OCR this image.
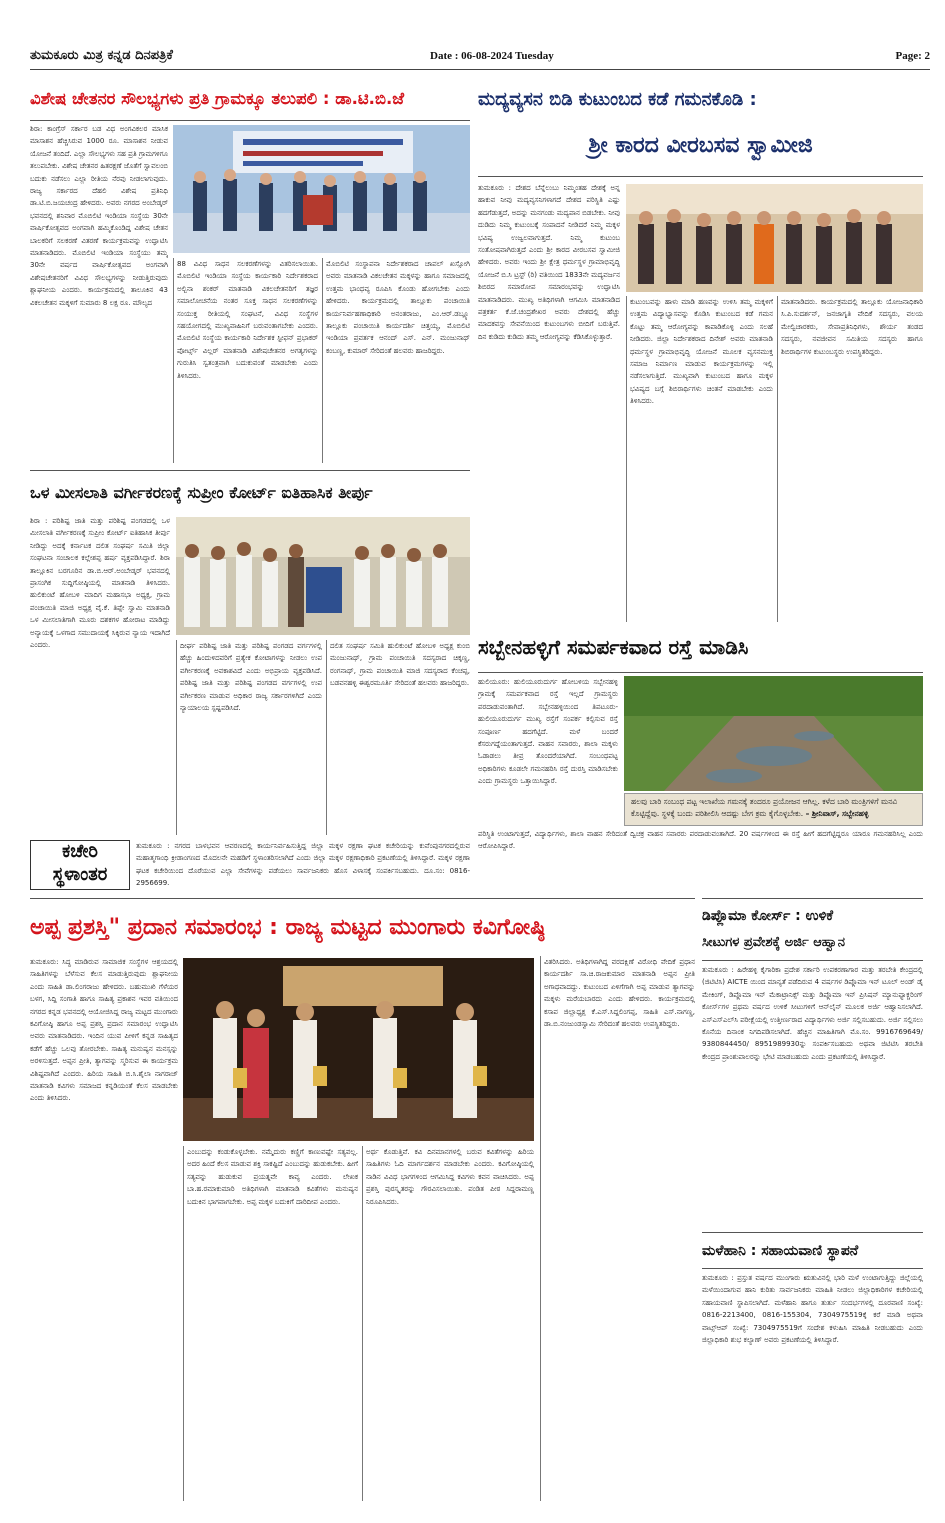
ತುಮಕೂರು ಮಿತ್ರ ಕನ್ನಡ ದಿನಪತ್ರಿಕೆ	Date : 06-08-2024 Tuesday	Page: 2
ವಿಶೇಷ ಚೇತನರ ಸೌಲಭ್ಯಗಳು ಪ್ರತಿ ಗ್ರಾಮಕ್ಕೂ ತಲುಪಲಿ : ಡಾ.ಟಿ.ಬಿ.ಜೆ
ಶಿರಾ: ಕಾಂಗ್ರೆಸ್ ಸರ್ಕಾರ ಬಡ ವಿಧ ಅಂಗವಿಕಲರ ಮಾಸಿಕ ಮಾಸಾಶನ ಹೆಚ್ಚಿಸಿರುವ 1000 ರೂ. ಮಾಸಾಶನ ನೀಡುವ ಯೋಜನೆ ತಂದಿದೆ. ಎಲ್ಲಾ ಸೌಲಭ್ಯಗಳು ಸಹ ಪ್ರತಿ ಗ್ರಾಮಗಳಿಗೂ ತಲುಪಬೇಕು. ವಿಶೇಷ ಚೇತನರ ಹಿತರಕ್ಷಣೆ ಜೊತೆಗೆ ಸ್ವಾವಲಂಬಿ ಬದುಕು ನಡೆಸಲು ಎಲ್ಲಾ ರೀತಿಯ ನೆರವು ನೀಡಲಾಗುವುದು. ರಾಜ್ಯ ಸರ್ಕಾರದ ದೆಹಲಿ ವಿಶೇಷ ಪ್ರತಿನಿಧಿ ಡಾ.ಟಿ.ಬಿ.ಜಯಚಂದ್ರ ಹೇಳಿದರು. ಅವರು ನಗರದ ಅಂಬೇಡ್ಕರ್ ಭವನದಲ್ಲಿ ಶನಿವಾರ ಮೊಬಿಲಿಟಿ ಇಂಡಿಯಾ ಸಂಸ್ಥೆಯ 30ನೇ ವಾರ್ಷಿಕೋತ್ಸವದ ಅಂಗವಾಗಿ ಹಮ್ಮಿಕೊಂಡಿದ್ದ ವಿಶೇಷ ಚೇತನ ಬಾಲಕರಿಗೆ ಸಲಕರಣೆ ವಿತರಣೆ ಕಾರ್ಯಕ್ರಮವನ್ನು ಉದ್ಘಾಟಿಸಿ ಮಾತನಾಡಿದರು. ಮೊಬಿಲಿಟಿ ಇಂಡಿಯಾ ಸಂಸ್ಥೆಯು ತಮ್ಮ 30ನೇ ವರ್ಷದ ವಾರ್ಷಿಕೋತ್ಸವದ ಅಂಗವಾಗಿ ವಿಶೇಷಚೇತನರಿಗೆ ವಿವಿಧ ಸೌಲಭ್ಯಗಳನ್ನು ನೀಡುತ್ತಿರುವುದು ಶ್ಲಾಘನೀಯ ಎಂದರು. ಕಾರ್ಯಕ್ರಮದಲ್ಲಿ ತಾಲೂಕಿನ 43 ವಿಕಲಚೇತನ ಮಕ್ಕಳಿಗೆ ಸುಮಾರು 8 ಲಕ್ಷ ರೂ. ಮೌಲ್ಯದ
88 ವಿವಿಧ ಸಾಧನ ಸಲಕರಣೆಗಳನ್ನು ವಿತರಿಸಲಾಯಿತು. ಮೊಬಿಲಿಟಿ ಇಂಡಿಯಾ ಸಂಸ್ಥೆಯ ಕಾರ್ಯಕಾರಿ ನಿರ್ದೇಶಕರಾದ ಅಲ್ಬಿನಾ ಶಂಕರ್ ಮಾತನಾಡಿ ವಿಕಲಚೇತನರಿಗೆ ತಜ್ಞರ ಸಮಾಲೋಚನೆಯ ನಂತರ ಸೂಕ್ತ ಸಾಧನ ಸಲಕರಣೆಗಳನ್ನು ಸಂಯುಕ್ತ ರೀತಿಯಲ್ಲಿ ಸಂಘಟನೆ, ವಿವಿಧ ಸಂಸ್ಥೆಗಳ ಸಹಯೋಗದಲ್ಲಿ ಮುಖ್ಯವಾಹಿನಿಗೆ ಬರುವಂತಾಗಬೇಕು ಎಂದರು. ಮೊಬಿಲಿಟಿ ಸಂಸ್ಥೆಯ ಕಾರ್ಯಕಾರಿ ನಿರ್ದೇಶಕ ಸ್ಟೀಫನ್ ಪ್ರಭಾಕರ್ ಪೋರ್ಟ್ಸ್ ವಿಲ್ಲರ್ ಮಾತನಾಡಿ ವಿಶೇಷಚೇತನರ ಅಗತ್ಯಗಳನ್ನು ಗುರುತಿಸಿ ಸ್ವತಂತ್ರವಾಗಿ ಬದುಕುವಂತೆ ಮಾಡಬೇಕು ಎಂದು ತಿಳಿಸಿದರು.
ಮೊಬಿಲಿಟಿ ಸಂಸ್ಥಾಪನಾ ನಿರ್ದೇಶಕರಾದ ಚಾಪಲ್ ಖಸ್ಸೋಗಿ ಅವರು ಮಾತನಾಡಿ ವಿಕಲಚೇತನ ಮಕ್ಕಳನ್ನು ಹಾಗೂ ಸಮಾಜದಲ್ಲಿ ಉತ್ತಮ ಭಾಂಧವ್ಯ ರೂಪಿಸಿ ಕೊಂಡು ಹೋಗಬೇಕು ಎಂದು ಹೇಳಿದರು. ಕಾರ್ಯಕ್ರಮದಲ್ಲಿ ತಾಲ್ಲೂಕು ಪಂಚಾಯಿತಿ ಕಾರ್ಯನಿರ್ವಹಣಾಧಿಕಾರಿ ಅನಂತರಾಜು, ಎಂ.ಆರ್.ಡಬ್ಲ್ಯೂ ತಾಲ್ಲೂಕು ಪಂಚಾಯಿತಿ ಕಾರ್ಯದರ್ಶಿ ಚಿತ್ತಯ್ಯ, ಮೊಬಿಲಿಟಿ ಇಂಡಿಯಾ ಪ್ರವರ್ತಕ ಆನಂದ್ ಎಸ್. ಎನ್. ಮಂಜುನಾಥ್ ಕಂಬಣ್ಣ, ಕುಮಾರ್ ಸೇರಿದಂತೆ ಹಲವರು ಹಾಜರಿದ್ದರು.
ಮದ್ಯವ್ಯಸನ ಬಿಡಿ ಕುಟುಂಬದ ಕಡೆ ಗಮನಕೊಡಿ :
ಶ್ರೀ ಕಾರದ ವೀರಬಸವ ಸ್ವಾಮೀಜಿ
ತುಮಕೂರು : ದೇಶದ ಬೆನ್ನೆಲುಬು ನಿಮ್ಮಂತಹ ದೇಶಕ್ಕೆ ಅನ್ನ ಹಾಕುವ ನೀವು ಮದ್ಯವ್ಯಸನಿಗಳಾಗದೆ ದೇಶದ ಪರಿಸ್ಥಿತಿ ಎಷ್ಟು ಹದಗೆಡುತ್ತದೆ, ಅದನ್ನು ಮನಗಂಡು ಮದ್ಯಪಾನ ಬಿಡಬೇಕು. ನೀವು ದುಡಿದು ನಿಮ್ಮ ಕುಟುಂಬಕ್ಕೆ ಸಂಪಾದನೆ ನೀಡಿದರೆ ನಿಮ್ಮ ಮಕ್ಕಳ ಭವಿಷ್ಯ ಉಜ್ವಲವಾಗುತ್ತದೆ. ನಿಮ್ಮ ಕುಟುಂಬ ಸಂತೋಷವಾಗಿರುತ್ತದೆ ಎಂದು ಶ್ರೀ ಕಾರದ ವೀರಬಸವ ಸ್ವಾಮೀಜಿ ಹೇಳಿದರು. ಅವರು ಇಂದು ಶ್ರೀ ಕ್ಷೇತ್ರ ಧರ್ಮಸ್ಥಳ ಗ್ರಾಮಾಭಿವೃದ್ಧಿ ಯೋಜನೆ ಬಿ.ಸಿ ಟ್ರಸ್ಟ್ (ರಿ) ವತಿಯಿಂದ 1833ನೇ ಮದ್ಯವರ್ಜನ ಶಿಬಿರದ ಸಮಾರೋಪ ಸಮಾರಂಭವನ್ನು ಉದ್ಘಾಟಿಸಿ ಮಾತನಾಡಿದರು. ಮುಖ್ಯ ಅತಿಥಿಗಳಾಗಿ ಆಗಮಿಸಿ ಮಾತನಾಡಿದ ಪತ್ರಕರ್ತ ಕೆ.ಜೆ.ಚಂದ್ರಶೇಖರ ಅವರು ದೇಶದಲ್ಲಿ ಹೆಚ್ಚು ಮಾದಕವಸ್ತು ಸೇವನೆಯಿಂದ ಕುಟುಂಬಗಳು ಬೀದಿಗೆ ಬರುತ್ತಿವೆ. ದಿನ ಕುಡಿದು ಕುಡಿದು ತಮ್ಮ ಆರೋಗ್ಯವನ್ನು ಕೆಡಿಸಿಕೊಳ್ಳುತ್ತಾರೆ.
ಕುಟುಂಬವನ್ನು ಹಾಳು ಮಾಡಿ ಹಣವನ್ನು ಉಳಿಸಿ ತಮ್ಮ ಮಕ್ಕಳಿಗೆ ಉತ್ತಮ ವಿದ್ಯಾಭ್ಯಾಸವನ್ನು ಕೊಡಿಸಿ ಕುಟುಂಬದ ಕಡೆ ಗಮನ ಕೊಟ್ಟು ತಮ್ಮ ಆರೋಗ್ಯವನ್ನು ಕಾಪಾಡಿಕೊಳ್ಳಿ ಎಂದು ಸಲಹೆ ನೀಡಿದರು. ಜಿಲ್ಲಾ ನಿರ್ದೇಶಕರಾದ ದಿನೇಶ್ ಅವರು ಮಾತನಾಡಿ ಧರ್ಮಸ್ಥಳ ಗ್ರಾಮಾಭಿವೃದ್ಧಿ ಯೋಜನೆ ಮೂಲಕ ವ್ಯಸನಮುಕ್ತ ಸಮಾಜ ನಿರ್ಮಾಣ ಮಾಡುವ ಕಾರ್ಯಕ್ರಮಗಳನ್ನು ಇಲ್ಲಿ ನಡೆಸಲಾಗುತ್ತಿದೆ. ಮುಖ್ಯವಾಗಿ ಕುಟುಂಬದ ಹಾಗೂ ಮಕ್ಕಳ ಭವಿಷ್ಯದ ಬಗ್ಗೆ ಶಿಬಿರಾರ್ಥಿಗಳು ಚಿಂತನೆ ಮಾಡಬೇಕು ಎಂದು ತಿಳಿಸಿದರು.
ಮಾತನಾಡಿದರು. ಕಾರ್ಯಕ್ರಮದಲ್ಲಿ ತಾಲ್ಲೂಕು ಯೋಜನಾಧಿಕಾರಿ ಸಿ.ಪಿ.ಸುದರ್ಶನ್, ಜನಜಾಗೃತಿ ವೇದಿಕೆ ಸದಸ್ಯರು, ವಲಯ ಮೇಲ್ವಿಚಾರಕರು, ಸೇವಾಪ್ರತಿನಿಧಿಗಳು, ಶೌರ್ಯ ತಂಡದ ಸದಸ್ಯರು, ನವಜೀವನ ಸಮಿತಿಯ ಸದಸ್ಯರು ಹಾಗೂ ಶಿಬಿರಾರ್ಥಿಗಳ ಕುಟುಂಬಸ್ಥರು ಉಪಸ್ಥಿತರಿದ್ದರು.
ಒಳ ಮೀಸಲಾತಿ ವರ್ಗೀಕರಣಕ್ಕೆ ಸುಪ್ರೀಂ ಕೋರ್ಟ್ ಐತಿಹಾಸಿಕ ತೀರ್ಪು
ಶಿರಾ : ಪರಿಶಿಷ್ಟ ಜಾತಿ ಮತ್ತು ಪರಿಶಿಷ್ಟ ಪಂಗಡದಲ್ಲಿ ಒಳ ಮೀಸಲಾತಿ ವರ್ಗೀಕರಣಕ್ಕೆ ಸುಪ್ರೀಂ ಕೋರ್ಟ್ ಐತಿಹಾಸಿಕ ತೀರ್ಪು ನೀಡಿದ್ದು ಅದಕ್ಕೆ ಕರ್ನಾಟಕ ದಲಿತ ಸಂಘರ್ಷ ಸಮಿತಿ ಜಿಲ್ಲಾ ಸಂಘಟನಾ ಸಂಚಾಲಕ ಕಲ್ಲೇಶಪ್ಪ ಹರ್ಷ ವ್ಯಕ್ತಪಡಿಸಿದ್ದಾರೆ. ಶಿರಾ ತಾಲ್ಲೂಕಿನ ಬರಗೂರಿನ ಡಾ.ಬಿ.ಆರ್.ಅಂಬೇಡ್ಕರ್ ಭವನದಲ್ಲಿ ಪ್ರಾಸಂಗಿಕ ಸುದ್ದಿಗೋಷ್ಠಿಯಲ್ಲಿ ಮಾತನಾಡಿ ತಿಳಿಸಿದರು. ಹುಲಿಕುಂಟೆ ಹೋಬಳಿ ಮಾದಿಗ ಮಹಾಸಭಾ ಅಧ್ಯಕ್ಷ, ಗ್ರಾಮ ಪಂಚಾಯಿತಿ ಮಾಜಿ ಅಧ್ಯಕ್ಷ ವೈ.ಕೆ. ತಿಪ್ಪೇ ಸ್ವಾಮಿ ಮಾತನಾಡಿ ಒಳ ಮೀಸಲಾತಿಗಾಗಿ ಮೂರು ದಶಕಗಳ ಹೋರಾಟ ಮಾಡಿದ್ದು ಅನ್ಯಾಯಕ್ಕೆ ಒಳಗಾದ ಸಮುದಾಯಕ್ಕೆ ಸಿಕ್ಕಿರುವ ನ್ಯಾಯ ಇದಾಗಿದೆ ಎಂದರು.	ದೀರ್ಘ ಪರಿಶಿಷ್ಟ ಜಾತಿ ಮತ್ತು ಪರಿಶಿಷ್ಟ ಪಂಗಡದ ವರ್ಗಗಳಲ್ಲಿ ಹೆಚ್ಚು ಹಿಂದುಳಿದವರಿಗೆ ಪ್ರತ್ಯೇಕ ಕೋಟಾಗಳನ್ನು ನೀಡಲು ಉಪ ವರ್ಗೀಕರಣಕ್ಕೆ ಅವಕಾಶವಿದೆ ಎಂದು ಅಭಿಪ್ರಾಯ ವ್ಯಕ್ತಪಡಿಸಿದೆ. ಪರಿಶಿಷ್ಟ ಜಾತಿ ಮತ್ತು ಪರಿಶಿಷ್ಟ ಪಂಗಡದ ವರ್ಗಗಳಲ್ಲಿ ಉಪ ವರ್ಗೀಕರಣ ಮಾಡುವ ಅಧಿಕಾರ ರಾಜ್ಯ ಸರ್ಕಾರಗಳಿಗಿದೆ ಎಂದು ನ್ಯಾಯಾಲಯ ಸ್ಪಷ್ಟಪಡಿಸಿದೆ.
ದಲಿತ ಸಂಘರ್ಷ ಸಮಿತಿ ಹುಲಿಕುಂಟೆ ಹೋಬಳಿ ಅಧ್ಯಕ್ಷ ಕುಂಬಿ ಮಂಜುನಾಥ್, ಗ್ರಾಮ ಪಂಚಾಯಿತಿ ಸದಸ್ಯರಾದ ಚಿಕ್ಕಣ್ಣ, ರಂಗನಾಥ್, ಗ್ರಾಮ ಪಂಚಾಯಿತಿ ಮಾಜಿ ಸದಸ್ಯರಾದ ಕೆಂಚಪ್ಪ, ಬಡವನಹಳ್ಳಿ ಈಶ್ವರಮೂರ್ತಿ ಸೇರಿದಂತೆ ಹಲವರು ಹಾಜರಿದ್ದರು.
ಸಬ್ಬೇನಹಳ್ಳಿಗೆ ಸಮರ್ಪಕವಾದ ರಸ್ತೆ ಮಾಡಿಸಿ
ಹುಲಿಯೂರು: ಹುಲಿಯೂರುದುರ್ಗ ಹೋಬಳಿಯ ಸಬ್ಬೇನಹಳ್ಳಿ ಗ್ರಾಮಕ್ಕೆ ಸಮರ್ಪಕವಾದ ರಸ್ತೆ ಇಲ್ಲದೆ ಗ್ರಾಮಸ್ಥರು ಪರದಾಡುವಂತಾಗಿದೆ. ಸಬ್ಬೇನಹಳ್ಳಿಯಿಂದ ತಿಪಟೂರು-ಹುಲಿಯೂರುದುರ್ಗ ಮುಖ್ಯ ರಸ್ತೆಗೆ ಸಂಪರ್ಕ ಕಲ್ಪಿಸುವ ರಸ್ತೆ ಸಂಪೂರ್ಣ ಹದಗೆಟ್ಟಿದೆ. ಮಳೆ ಬಂದರೆ ಕೆಸರುಗದ್ದೆಯಂತಾಗುತ್ತದೆ. ವಾಹನ ಸವಾರರು, ಶಾಲಾ ಮಕ್ಕಳು ಓಡಾಡಲು ತೀವ್ರ ತೊಂದರೆಯಾಗಿದೆ. ಸಂಬಂಧಪಟ್ಟ ಅಧಿಕಾರಿಗಳು ಕೂಡಲೇ ಗಮನಹರಿಸಿ ರಸ್ತೆ ದುರಸ್ತಿ ಮಾಡಿಸಬೇಕು ಎಂದು ಗ್ರಾಮಸ್ಥರು ಒತ್ತಾಯಿಸಿದ್ದಾರೆ.
ಹಲವು ಬಾರಿ ಸಂಬಂಧ ಪಟ್ಟ ಇಲಾಖೆಯ ಗಮನಕ್ಕೆ ತಂದರೂ ಪ್ರಯೋಜನ ಆಗಿಲ್ಲ. ಕಳೆದ ಬಾರಿ ಮಂತ್ರಿಗಳಿಗೆ ಮನವಿ ಕೊಟ್ಟಿದ್ದೆವು. ಸ್ಥಳಕ್ಕೆ ಬಂದು ಪರಿಶೀಲಿಸಿ ಆದಷ್ಟು ಬೇಗ ಕ್ರಮ ಕೈಗೊಳ್ಳಬೇಕು. – ಶ್ರೀನಿವಾಸ್, ಸಬ್ಬೇನಹಳ್ಳಿ
ಪರಿಸ್ಥಿತಿ ಉಂಟಾಗುತ್ತದೆ, ವಿದ್ಯಾರ್ಥಿಗಳು, ಶಾಲಾ ವಾಹನ ಸೇರಿದಂತೆ ದ್ವಿಚಕ್ರ ವಾಹನ ಸವಾರರು ಪರದಾಡುವಂತಾಗಿದೆ. 20 ವರ್ಷಗಳಿಂದ ಈ ರಸ್ತೆ ಹೀಗೆ ಹದಗೆಟ್ಟಿದ್ದರೂ ಯಾರೂ ಗಮನಹರಿಸಿಲ್ಲ ಎಂದು ಆರೋಪಿಸಿದ್ದಾರೆ.
ಕಚೇರಿ
ಸ್ಥಳಾಂತರ
ತುಮಕೂರು : ನಗರದ ಬಾಳಭವನ ಆವರಣದಲ್ಲಿ ಕಾರ್ಯನಿರ್ವಹಿಸುತ್ತಿದ್ದ ಜಿಲ್ಲಾ ಮಕ್ಕಳ ರಕ್ಷಣಾ ಘಟಕ ಕಚೇರಿಯನ್ನು ಕುವೆಂಪುನಗರದಲ್ಲಿರುವ ಮಹಾತ್ಮಗಾಂಧಿ ಕ್ರೀಡಾಂಗಣದ ಮೊದಲನೇ ಮಹಡಿಗೆ ಸ್ಥಳಾಂತರಿಸಲಾಗಿದೆ ಎಂದು ಜಿಲ್ಲಾ ಮಕ್ಕಳ ರಕ್ಷಣಾಧಿಕಾರಿ ಪ್ರಕಟಣೆಯಲ್ಲಿ ತಿಳಿಸಿದ್ದಾರೆ. ಮಕ್ಕಳ ರಕ್ಷಣಾ ಘಟಕ ಕಚೇರಿಯಿಂದ ದೊರೆಯುವ ಎಲ್ಲಾ ಸೇವೆಗಳನ್ನು ಪಡೆಯಲು ಸಾರ್ವಜನಿಕರು ಹೊಸ ವಿಳಾಸಕ್ಕೆ ಸಂಪರ್ಕಿಸಬಹುದು. ದೂ.ಸಂ: 0816-2956699.
ಅಪ್ಪ ಪ್ರಶಸ್ತಿ" ಪ್ರದಾನ ಸಮಾರಂಭ : ರಾಜ್ಯ ಮಟ್ಟದ ಮುಂಗಾರು ಕವಿಗೋಷ್ಠಿ
ತುಮಕೂರು: ಸಿದ್ಧ ಮಾಡಿರುವ ಸಾಮಾಜಿಕ ಸಂಸ್ಥೆಗಳ ಆಶ್ರಯದಲ್ಲಿ ಸಾಹಿತಿಗಳನ್ನು ಬೆಳೆಸುವ ಕೆಲಸ ಮಾಡುತ್ತಿರುವುದು ಶ್ಲಾಘನೀಯ ಎಂದು ಸಾಹಿತಿ ಡಾ.ಲಿಂಗರಾಜು ಹೇಳಿದರು. ಬಹುಮುಖಿ ಗೆಳೆಯರ ಬಳಗ, ಸಿದ್ದಿ ಸಂಗಾತಿ ಹಾಗೂ ಸಾಹಿತ್ಯ ಪ್ರಕಾಶನ ಇವರ ವತಿಯಿಂದ ನಗರದ ಕನ್ನಡ ಭವನದಲ್ಲಿ ಆಯೋಜಿಸಿದ್ದ ರಾಜ್ಯ ಮಟ್ಟದ ಮುಂಗಾರು ಕವಿಗೋಷ್ಠಿ ಹಾಗೂ ಅಪ್ಪ ಪ್ರಶಸ್ತಿ ಪ್ರದಾನ ಸಮಾರಂಭ ಉದ್ಘಾಟಿಸಿ ಅವರು ಮಾತನಾಡಿದರು. ಇಂದಿನ ಯುವ ಪೀಳಿಗೆ ಕನ್ನಡ ಸಾಹಿತ್ಯದ ಕಡೆಗೆ ಹೆಚ್ಚು ಒಲವು ತೋರಬೇಕು. ಸಾಹಿತ್ಯ ಮನುಷ್ಯನ ಮನಸ್ಸನ್ನು ಅರಳಿಸುತ್ತದೆ. ಅಪ್ಪನ ಪ್ರೀತಿ, ತ್ಯಾಗವನ್ನು ಸ್ಮರಿಸುವ ಈ ಕಾರ್ಯಕ್ರಮ ವಿಶಿಷ್ಟವಾಗಿದೆ ಎಂದರು. ಹಿರಿಯ ಸಾಹಿತಿ ಬಿ.ಸಿ.ಶೈಲಾ ನಾಗರಾಜ್ ಮಾತನಾಡಿ ಕವಿಗಳು ಸಮಾಜದ ಕನ್ನಡಿಯಂತೆ ಕೆಲಸ ಮಾಡಬೇಕು ಎಂದು ತಿಳಿಸಿದರು.
ಎಂಬುದನ್ನು ಕಂಡುಕೊಳ್ಳಬೇಕು. ನಮ್ಮೆದುರು ಕಣ್ಣಿಗೆ ಕಾಣುವಷ್ಟೇ ಸತ್ಯವಲ್ಲ. ಅದರ ಹಿಂದೆ ಕೆಲಸ ಮಾಡುವ ಶಕ್ತಿ ಸಾಕಷ್ಟಿದೆ ಎಂಬುದನ್ನು ಹುಡುಕಬೇಕು. ಹೀಗೆ ಸತ್ಯವನ್ನು ಹುಡುಕುವ ಪ್ರಯತ್ನವೇ ಕಾವ್ಯ ಎಂದರು. ಲೇಖಕ ಬಾ.ಹ.ರಮಾಕುಮಾರಿ ಅತಿಥಿಗಳಾಗಿ ಮಾತನಾಡಿ ಕವಿತೆಗಳು ಮನುಷ್ಯನ ಬದುಕಿನ ಭಾಗವಾಗಬೇಕು. ಅಪ್ಪ ಮಕ್ಕಳ ಬದುಕಿಗೆ ದಾರಿದೀಪ ಎಂದರು.
ಅರ್ಥ ಕೊಡುತ್ತಿವೆ. ಕವಿ ದಿನಮಾನಗಳಲ್ಲಿ ಬರುವ ಕವಿತೆಗಳನ್ನು ಹಿರಿಯ ಸಾಹಿತಿಗಳು ಓದಿ ಮಾರ್ಗದರ್ಶನ ಮಾಡಬೇಕು ಎಂದರು. ಕವಿಗೋಷ್ಠಿಯಲ್ಲಿ ನಾಡಿನ ವಿವಿಧ ಭಾಗಗಳಿಂದ ಆಗಮಿಸಿದ್ದ ಕವಿಗಳು ಕವನ ವಾಚಿಸಿದರು. ಅಪ್ಪ ಪ್ರಶಸ್ತಿ ಪುರಸ್ಕೃತರನ್ನು ಗೌರವಿಸಲಾಯಿತು. ಪಂಡಿತ ಪೀಠ ಸಿದ್ದರಾಮಣ್ಣ ನಿರೂಪಿಸಿದರು.
ವಿತರಿಸಿದರು. ಅತಿಥಿಗಳಾಗಿದ್ದ ವರದಕ್ಷಿಣೆ ವಿರೋಧಿ ವೇದಿಕೆ ಪ್ರಧಾನ ಕಾರ್ಯದರ್ಶಿ ಸಾ.ಚಿ.ರಾಜಕುಮಾರ ಮಾತನಾಡಿ ಅಪ್ಪನ ಪ್ರೀತಿ ಅಗಾಧವಾದದ್ದು. ಕುಟುಂಬದ ಏಳಿಗೆಗಾಗಿ ಅಪ್ಪ ಮಾಡುವ ತ್ಯಾಗವನ್ನು ಮಕ್ಕಳು ಮರೆಯಬಾರದು ಎಂದು ಹೇಳಿದರು. ಕಾರ್ಯಕ್ರಮದಲ್ಲಿ ಕಸಾಪ ಜಿಲ್ಲಾಧ್ಯಕ್ಷ ಕೆ.ಎಸ್.ಸಿದ್ದಲಿಂಗಪ್ಪ, ಸಾಹಿತಿ ಎಸ್.ನಾಗಣ್ಣ, ಡಾ.ಬಿ.ನಂಜುಂಡಸ್ವಾಮಿ ಸೇರಿದಂತೆ ಹಲವರು ಉಪಸ್ಥಿತರಿದ್ದರು.
ಡಿಪ್ಲೊಮಾ ಕೋರ್ಸ್ : ಉಳಿಕೆ
ಸೀಟುಗಳ ಪ್ರವೇಶಕ್ಕೆ ಅರ್ಜಿ ಆಹ್ವಾನ
ತುಮಕೂರು : ಹಿರೇಹಳ್ಳಿ ಕೈಗಾರಿಕಾ ಪ್ರದೇಶ ಸರ್ಕಾರಿ ಉಪಕರಣಾಗಾರ ಮತ್ತು ತರಬೇತಿ ಕೇಂದ್ರದಲ್ಲಿ (ಜಿಟಿಟಿಸಿ) AICTE ಯಿಂದ ಮಾನ್ಯತೆ ಪಡೆದಿರುವ 4 ವರ್ಷಗಳ ಡಿಪ್ಲೊಮಾ ಇನ್ ಟೂಲ್ ಅಂಡ್ ಡೈ ಮೇಕಿಂಗ್, ಡಿಪ್ಲೊಮಾ ಇನ್ ಮೆಕಾಟ್ರಾನಿಕ್ಸ್ ಮತ್ತು ಡಿಪ್ಲೊಮಾ ಇನ್ ಪ್ರಿಸಿಷನ್ ಮ್ಯಾನುಫ್ಯಾಕ್ಚರಿಂಗ್ ಕೋರ್ಸ್‌ಗಳ ಪ್ರಥಮ ವರ್ಷದ ಉಳಿಕೆ ಸೀಟುಗಳಿಗೆ ಆನ್‌ಲೈನ್ ಮೂಲಕ ಅರ್ಜಿ ಆಹ್ವಾನಿಸಲಾಗಿದೆ. ಎಸ್‌ಎಸ್‌ಎಲ್‌ಸಿ ಪರೀಕ್ಷೆಯಲ್ಲಿ ಉತ್ತೀರ್ಣರಾದ ವಿದ್ಯಾರ್ಥಿಗಳು ಅರ್ಜಿ ಸಲ್ಲಿಸಬಹುದು. ಅರ್ಜಿ ಸಲ್ಲಿಸಲು ಕೊನೆಯ ದಿನಾಂಕ ನಿಗದಿಪಡಿಸಲಾಗಿದೆ. ಹೆಚ್ಚಿನ ಮಾಹಿತಿಗಾಗಿ ಮೊ.ಸಂ. 9916769649/ 9380844450/ 8951989930ನ್ನು ಸಂಪರ್ಕಿಸಬಹುದು ಅಥವಾ ಜಿಟಿಟಿಸಿ ತರಬೇತಿ ಕೇಂದ್ರದ ಪ್ರಾಂಶುಪಾಲರನ್ನು ಭೇಟಿ ಮಾಡಬಹುದು ಎಂದು ಪ್ರಕಟಣೆಯಲ್ಲಿ ತಿಳಿಸಿದ್ದಾರೆ.
ಮಳೆಹಾನಿ : ಸಹಾಯವಾಣಿ ಸ್ಥಾಪನೆ
ತುಮಕೂರು : ಪ್ರಸ್ತುತ ವರ್ಷದ ಮುಂಗಾರು ಋತುವಿನಲ್ಲಿ ಭಾರಿ ಮಳೆ ಉಂಟಾಗುತ್ತಿದ್ದು ಜಿಲ್ಲೆಯಲ್ಲಿ ಮಳೆಯಿಂದಾಗುವ ಹಾನಿ ಕುರಿತು ಸಾರ್ವಜನಿಕರು ಮಾಹಿತಿ ನೀಡಲು ಜಿಲ್ಲಾಧಿಕಾರಿಗಳ ಕಚೇರಿಯಲ್ಲಿ ಸಹಾಯವಾಣಿ ಸ್ಥಾಪಿಸಲಾಗಿದೆ. ಮಳೆಹಾನಿ ಹಾಗೂ ತುರ್ತು ಸಂದರ್ಭಗಳಲ್ಲಿ ದೂರವಾಣಿ ಸಂಖ್ಯೆ: 0816-2213400, 0816-155304, 7304975519ಕ್ಕೆ ಕರೆ ಮಾಡಿ ಅಥವಾ ವಾಟ್ಸ್‌ಆಪ್ ಸಂಖ್ಯೆ: 7304975519ಗೆ ಸಂದೇಶ ಕಳುಹಿಸಿ ಮಾಹಿತಿ ನೀಡಬಹುದು ಎಂದು ಜಿಲ್ಲಾಧಿಕಾರಿ ಶುಭ ಕಲ್ಯಾಣ್ ಅವರು ಪ್ರಕಟಣೆಯಲ್ಲಿ ತಿಳಿಸಿದ್ದಾರೆ.
